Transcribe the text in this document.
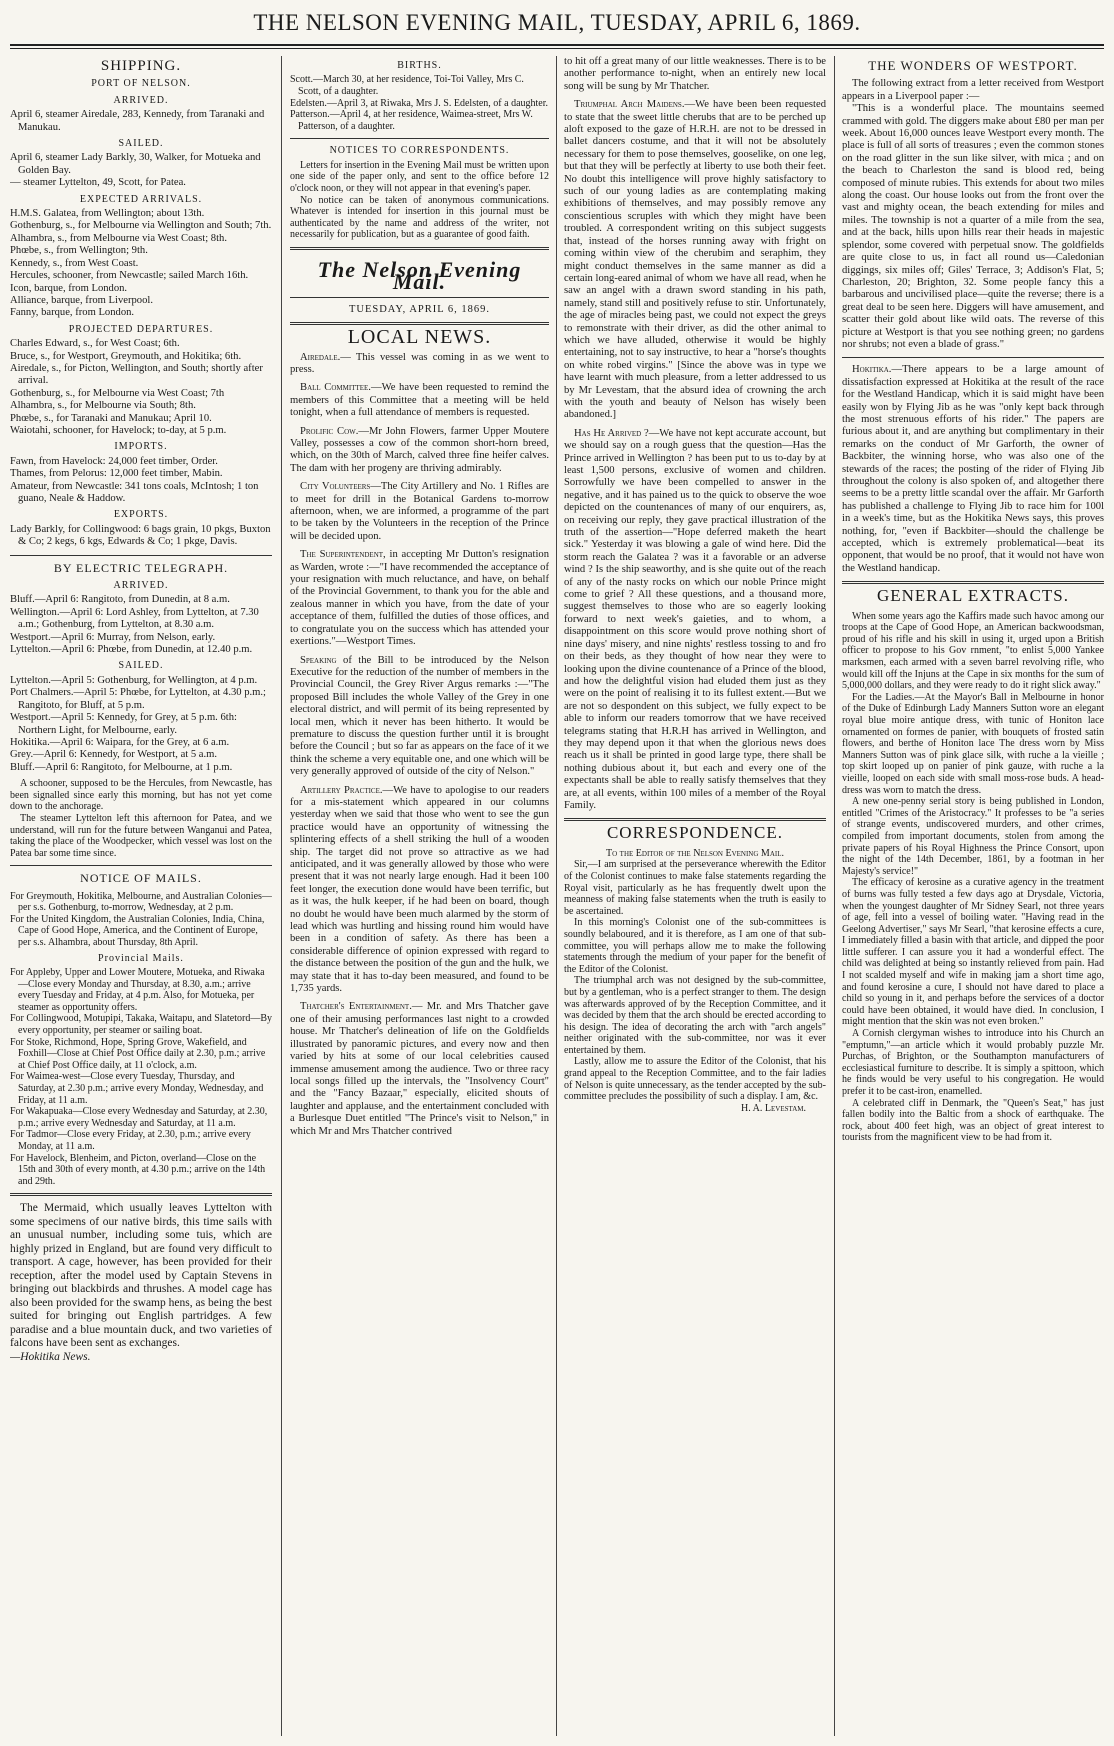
THE NELSON EVENING MAIL, TUESDAY, APRIL 6, 1869.
SHIPPING.
PORT OF NELSON.
ARRIVED.

April 6, steamer Airedale, 283, Kennedy, from Taranaki and Manukau.

SAILED.

April 6, steamer Lady Barkly, 30, Walker, for Motueka and Golden Bay.

— steamer Lyttelton, 49, Scott, for Patea.

EXPECTED ARRIVALS.

H.M.S. Galatea, from Wellington; about 13th.

Gothenburg, s., for Melbourne via Wellington and South; 7th.

Alhambra, s., from Melbourne via West Coast; 8th.

Phœbe, s., from Wellington; 9th.

Kennedy, s., from West Coast.

Hercules, schooner, from Newcastle; sailed March 16th.

Icon, barque, from London.

Alliance, barque, from Liverpool.

Fanny, barque, from London.

PROJECTED DEPARTURES.

Charles Edward, s., for West Coast; 6th.

Bruce, s., for Westport, Greymouth, and Hokitika; 6th.

Airedale, s., for Picton, Wellington, and South; shortly after arrival.

Gothenburg, s., for Melbourne via West Coast; 7th

Alhambra, s., for Melbourne via South; 8th.

Phœbe, s., for Taranaki and Manukau; April 10.

Waiotahi, schooner, for Havelock; to-day, at 5 p.m.

IMPORTS.

Fawn, from Havelock: 24,000 feet timber, Order.

Thames, from Pelorus: 12,000 feet timber, Mabin.

Amateur, from Newcastle: 341 tons coals, McIntosh; 1 ton guano, Neale & Haddow.

EXPORTS.

Lady Barkly, for Collingwood: 6 bags grain, 10 pkgs, Buxton & Co; 2 kegs, 6 kgs, Edwards & Co; 1 pkge, Davis.

BY ELECTRIC TELEGRAPH.
ARRIVED.

Bluff.—April 6: Rangitoto, from Dunedin, at 8 a.m.

Wellington.—April 6: Lord Ashley, from Lyttelton, at 7.30 a.m.; Gothenburg, from Lyttelton, at 8.30 a.m.

Westport.—April 6: Murray, from Nelson, early.

Lyttelton.—April 6: Phœbe, from Dunedin, at 12.40 p.m.

SAILED.

Lyttelton.—April 5: Gothenburg, for Wellington, at 4 p.m.

Port Chalmers.—April 5: Phœbe, for Lyttelton, at 4.30 p.m.; Rangitoto, for Bluff, at 5 p.m.

Westport.—April 5: Kennedy, for Grey, at 5 p.m. 6th: Northern Light, for Melbourne, early.

Hokitika.—April 6: Waipara, for the Grey, at 6 a.m.

Grey.—April 6: Kennedy, for Westport, at 5 a.m.

Bluff.—April 6: Rangitoto, for Melbourne, at 1 p.m.

A schooner, supposed to be the Hercules, from Newcastle, has been signalled since early this morning, but has not yet come down to the anchorage.

The steamer Lyttelton left this afternoon for Patea, and we understand, will run for the future between Wanganui and Patea, taking the place of the Woodpecker, which vessel was lost on the Patea bar some time since.

NOTICE OF MAILS.

For Greymouth, Hokitika, Melbourne, and Australian Colonies—per s.s. Gothenburg, to-morrow, Wednesday, at 2 p.m.

For the United Kingdom, the Australian Colonies, India, China, Cape of Good Hope, America, and the Continent of Europe, per s.s. Alhambra, about Thursday, 8th April.

Provincial Mails.

For Appleby, Upper and Lower Moutere, Motueka, and Riwaka—Close every Monday and Thursday, at 8.30, a.m.; arrive every Tuesday and Friday, at 4 p.m. Also, for Motueka, per steamer as opportunity offers.

For Collingwood, Motupipi, Takaka, Waitapu, and Slatetord—By every opportunity, per steamer or sailing boat.

For Stoke, Richmond, Hope, Spring Grove, Wakefield, and Foxhill—Close at Chief Post Office daily at 2.30, p.m.; arrive at Chief Post Office daily, at 11 o'clock, a.m.

For Waimea-west—Close every Tuesday, Thursday, and Saturday, at 2.30 p.m.; arrive every Monday, Wednesday, and Friday, at 11 a.m.

For Wakapuaka—Close every Wednesday and Saturday, at 2.30, p.m.; arrive every Wednesday and Saturday, at 11 a.m.

For Tadmor—Close every Friday, at 2.30, p.m.; arrive every Monday, at 11 a.m.

For Havelock, Blenheim, and Picton, overland—Close on the 15th and 30th of every month, at 4.30 p.m.; arrive on the 14th and 29th.

The Mermaid, which usually leaves Lyttelton with some specimens of our native birds, this time sails with an unusual number, including some tuis, which are highly prized in England, but are found very difficult to transport. A cage, however, has been provided for their reception, after the model used by Captain Stevens in bringing out blackbirds and thrushes. A model cage has also been provided for the swamp hens, as being the best suited for bringing out English partridges. A few paradise and a blue mountain duck, and two varieties of falcons have been sent as exchanges.

—Hokitika News.

BIRTHS.

Scott.—March 30, at her residence, Toi-Toi Valley, Mrs C. Scott, of a daughter.

Edelsten.—April 3, at Riwaka, Mrs J. S. Edelsten, of a daughter.

Patterson.—April 4, at her residence, Waimea-street, Mrs W. Patterson, of a daughter.

NOTICES TO CORRESPONDENTS.

Letters for insertion in the Evening Mail must be written upon one side of the paper only, and sent to the office before 12 o'clock noon, or they will not appear in that evening's paper.

No notice can be taken of anonymous communications. Whatever is intended for insertion in this journal must be authenticated by the name and address of the writer, not necessarily for publication, but as a guarantee of good faith.

The Nelson Evening Mail.
TUESDAY, APRIL 6, 1869.
LOCAL NEWS.

Airedale.— This vessel was coming in as we went to press.

Ball Committee.—We have been requested to remind the members of this Committee that a meeting will be held tonight, when a full attendance of members is requested.

Prolific Cow.—Mr John Flowers, farmer Upper Moutere Valley, possesses a cow of the common short-horn breed, which, on the 30th of March, calved three fine heifer calves. The dam with her progeny are thriving admirably.

City Volunteers—The City Artillery and No. 1 Rifles are to meet for drill in the Botanical Gardens to-morrow afternoon, when, we are informed, a programme of the part to be taken by the Volunteers in the reception of the Prince will be decided upon.

The Superintendent, in accepting Mr Dutton's resignation as Warden, wrote :—"I have recommended the acceptance of your resignation with much reluctance, and have, on behalf of the Provincial Government, to thank you for the able and zealous manner in which you have, from the date of your acceptance of them, fulfilled the duties of those offices, and to congratulate you on the success which has attended your exertions."—Westport Times.

Speaking of the Bill to be introduced by the Nelson Executive for the reduction of the number of members in the Provincial Council, the Grey River Argus remarks :—"The proposed Bill includes the whole Valley of the Grey in one electoral district, and will permit of its being represented by local men, which it never has been hitherto. It would be premature to discuss the question further until it is brought before the Council ; but so far as appears on the face of it we think the scheme a very equitable one, and one which will be very generally approved of outside of the city of Nelson."

Artillery Practice.—We have to apologise to our readers for a mis-statement which appeared in our columns yesterday when we said that those who went to see the gun practice would have an opportunity of witnessing the splintering effects of a shell striking the hull of a wooden ship. The target did not prove so attractive as we had anticipated, and it was generally allowed by those who were present that it was not nearly large enough. Had it been 100 feet longer, the execution done would have been terrific, but as it was, the hulk keeper, if he had been on board, though no doubt he would have been much alarmed by the storm of lead which was hurtling and hissing round him would have been in a condition of safety. As there has been a considerable difference of opinion expressed with regard to the distance between the position of the gun and the hulk, we may state that it has to-day been measured, and found to be 1,735 yards.

Thatcher's Entertainment.— Mr. and Mrs Thatcher gave one of their amusing performances last night to a crowded house. Mr Thatcher's delineation of life on the Goldfields illustrated by panoramic pictures, and every now and then varied by hits at some of our local celebrities caused immense amusement among the audience. Two or three racy local songs filled up the intervals, the "Insolvency Court" and the "Fancy Bazaar," especially, elicited shouts of laughter and applause, and the entertainment concluded with a Burlesque Duet entitled "The Prince's visit to Nelson," in which Mr and Mrs Thatcher contrived

to hit off a great many of our little weaknesses. There is to be another performance to-night, when an entirely new local song will be sung by Mr Thatcher.

Triumphal Arch Maidens.—We have been been requested to state that the sweet little cherubs that are to be perched up aloft exposed to the gaze of H.R.H. are not to be dressed in ballet dancers costume, and that it will not be absolutely necessary for them to pose themselves, gooselike, on one leg, but that they will be perfectly at liberty to use both their feet. No doubt this intelligence will prove highly satisfactory to such of our young ladies as are contemplating making exhibitions of themselves, and may possibly remove any conscientious scruples with which they might have been troubled. A correspondent writing on this subject suggests that, instead of the horses running away with fright on coming within view of the cherubim and seraphim, they might conduct themselves in the same manner as did a certain long-eared animal of whom we have all read, when he saw an angel with a drawn sword standing in his path, namely, stand still and positively refuse to stir. Unfortunately, the age of miracles being past, we could not expect the greys to remonstrate with their driver, as did the other animal to which we have alluded, otherwise it would be highly entertaining, not to say instructive, to hear a "horse's thoughts on white robed virgins." [Since the above was in type we have learnt with much pleasure, from a letter addressed to us by Mr Levestam, that the absurd idea of crowning the arch with the youth and beauty of Nelson has wisely been abandoned.]

Has He Arrived ?—We have not kept accurate account, but we should say on a rough guess that the question—Has the Prince arrived in Wellington ? has been put to us to-day by at least 1,500 persons, exclusive of women and children. Sorrowfully we have been compelled to answer in the negative, and it has pained us to the quick to observe the woe depicted on the countenances of many of our enquirers, as, on receiving our reply, they gave practical illustration of the truth of the assertion—"Hope deferred maketh the heart sick." Yesterday it was blowing a gale of wind here. Did the storm reach the Galatea ? was it a favorable or an adverse wind ? Is the ship seaworthy, and is she quite out of the reach of any of the nasty rocks on which our noble Prince might come to grief ? All these questions, and a thousand more, suggest themselves to those who are so eagerly looking forward to next week's gaieties, and to whom, a disappointment on this score would prove nothing short of nine days' misery, and nine nights' restless tossing to and fro on their beds, as they thought of how near they were to looking upon the divine countenance of a Prince of the blood, and how the delightful vision had eluded them just as they were on the point of realising it to its fullest extent.—But we are not so despondent on this subject, we fully expect to be able to inform our readers tomorrow that we have received telegrams stating that H.R.H has arrived in Wellington, and they may depend upon it that when the glorious news does reach us it shall be printed in good large type, there shall be nothing dubious about it, but each and every one of the expectants shall be able to really satisfy themselves that they are, at all events, within 100 miles of a member of the Royal Family.

CORRESPONDENCE.

To the Editor of the Nelson Evening Mail.

Sir,—I am surprised at the perseverance wherewith the Editor of the Colonist continues to make false statements regarding the Royal visit, particularly as he has frequently dwelt upon the meanness of making false statements when the truth is easily to be ascertained.

In this morning's Colonist one of the sub-committees is soundly belaboured, and it is therefore, as I am one of that sub-committee, you will perhaps allow me to make the following statements through the medium of your paper for the benefit of the Editor of the Colonist.

The triumphal arch was not designed by the sub-committee, but by a gentleman, who is a perfect stranger to them. The design was afterwards approved of by the Reception Committee, and it was decided by them that the arch should be erected according to his design. The idea of decorating the arch with "arch angels" neither originated with the sub-committee, nor was it ever entertained by them.

Lastly, allow me to assure the Editor of the Colonist, that his grand appeal to the Reception Committee, and to the fair ladies of Nelson is quite unnecessary, as the tender accepted by the sub-committee precludes the possibility of such a display. I am, &c.

H. A. Levestam.

THE WONDERS OF WESTPORT.

The following extract from a letter received from Westport appears in a Liverpool paper :—

"This is a wonderful place. The mountains seemed crammed with gold. The diggers make about £80 per man per week. About 16,000 ounces leave Westport every month. The place is full of all sorts of treasures ; even the common stones on the road glitter in the sun like silver, with mica ; and on the beach to Charleston the sand is blood red, being composed of minute rubies. This extends for about two miles along the coast. Our house looks out from the front over the vast and mighty ocean, the beach extending for miles and miles. The township is not a quarter of a mile from the sea, and at the back, hills upon hills rear their heads in majestic splendor, some covered with perpetual snow. The goldfields are quite close to us, in fact all round us—Caledonian diggings, six miles off; Giles' Terrace, 3; Addison's Flat, 5; Charleston, 20; Brighton, 32. Some people fancy this a barbarous and uncivilised place—quite the reverse; there is a great deal to be seen here. Diggers will have amusement, and scatter their gold about like wild oats. The reverse of this picture at Westport is that you see nothing green; no gardens nor shrubs; not even a blade of grass."

Hokitika.—There appears to be a large amount of dissatisfaction expressed at Hokitika at the result of the race for the Westland Handicap, which it is said might have been easily won by Flying Jib as he was "only kept back through the most strenuous efforts of his rider." The papers are furious about it, and are anything but complimentary in their remarks on the conduct of Mr Garforth, the owner of Backbiter, the winning horse, who was also one of the stewards of the races; the posting of the rider of Flying Jib throughout the colony is also spoken of, and altogether there seems to be a pretty little scandal over the affair. Mr Garforth has published a challenge to Flying Jib to race him for 100l in a week's time, but as the Hokitika News says, this proves nothing, for, "even if Backbiter—should the challenge be accepted, which is extremely problematical—beat its opponent, that would be no proof, that it would not have won the Westland handicap.

GENERAL EXTRACTS.

When some years ago the Kaffirs made such havoc among our troops at the Cape of Good Hope, an American backwoodsman, proud of his rifle and his skill in using it, urged upon a British officer to propose to his Gov rnment, "to enlist 5,000 Yankee marksmen, each armed with a seven barrel revolving rifle, who would kill off the Injuns at the Cape in six months for the sum of 5,000,000 dollars, and they were ready to do it right slick away."

For the Ladies.—At the Mayor's Ball in Melbourne in honor of the Duke of Edinburgh Lady Manners Sutton wore an elegant royal blue moire antique dress, with tunic of Honiton lace ornamented on formes de panier, with bouquets of frosted satin flowers, and berthe of Honiton lace The dress worn by Miss Manners Sutton was of pink glace silk, with ruche a la vieille ; top skirt looped up on panier of pink gauze, with ruche a la vieille, looped on each side with small moss-rose buds. A head-dress was worn to match the dress.

A new one-penny serial story is being published in London, entitled "Crimes of the Aristocracy." It professes to be "a series of strange events, undiscovered murders, and other crimes, compiled from important documents, stolen from among the private papers of his Royal Highness the Prince Consort, upon the night of the 14th December, 1861, by a footman in her Majesty's service!"

The efficacy of kerosine as a curative agency in the treatment of burns was fully tested a few days ago at Drysdale, Victoria, when the youngest daughter of Mr Sidney Searl, not three years of age, fell into a vessel of boiling water. "Having read in the Geelong Advertiser," says Mr Searl, "that kerosine effects a cure, I immediately filled a basin with that article, and dipped the poor little sufferer. I can assure you it had a wonderful effect. The child was delighted at being so instantly relieved from pain. Had I not scalded myself and wife in making jam a short time ago, and found kerosine a cure, I should not have dared to place a child so young in it, and perhaps before the services of a doctor could have been obtained, it would have died. In conclusion, I might mention that the skin was not even broken."

A Cornish clergyman wishes to introduce into his Church an "emptumn,"—an article which it would probably puzzle Mr. Purchas, of Brighton, or the Southampton manufacturers of ecclesiastical furniture to describe. It is simply a spittoon, which he finds would be very useful to his congregation. He would prefer it to be cast-iron, enamelled.

A celebrated cliff in Denmark, the "Queen's Seat," has just fallen bodily into the Baltic from a shock of earthquake. The rock, about 400 feet high, was an object of great interest to tourists from the magnificent view to be had from it.
